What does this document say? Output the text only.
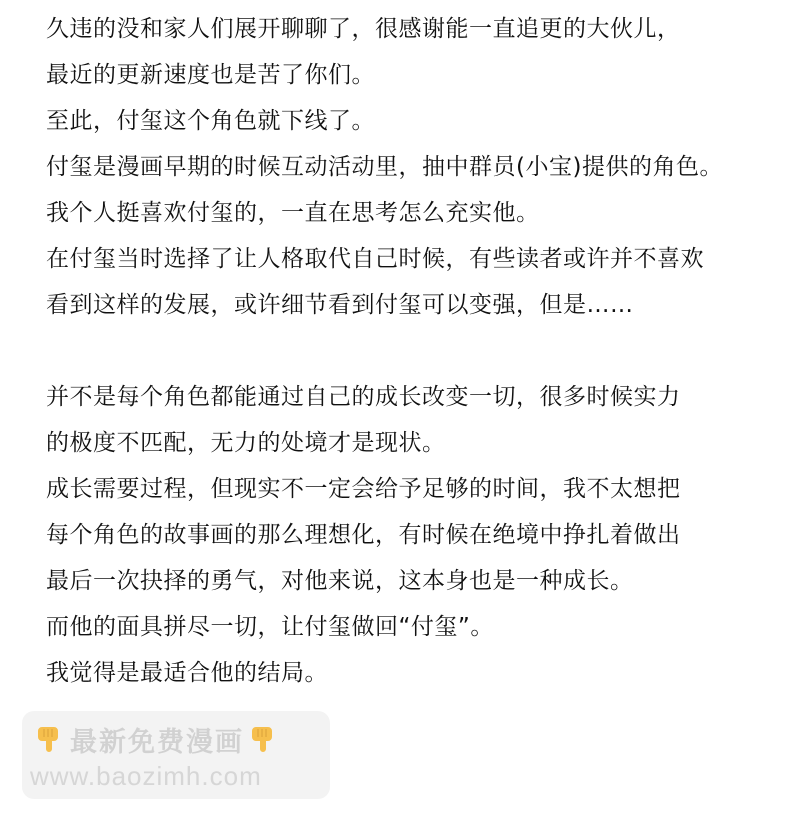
久违的没和家人们展开聊聊了，很感谢能一直追更的大伙儿，
最近的更新速度也是苦了你们。
至此，付玺这个角色就下线了。
付玺是漫画早期的时候互动活动里，抽中群员(小宝)提供的角色。
我个人挺喜欢付玺的，一直在思考怎么充实他。
在付玺当时选择了让人格取代自己时候，有些读者或许并不喜欢
看到这样的发展，或许细节看到付玺可以变强，但是……
并不是每个角色都能通过自己的成长改变一切，很多时候实力
的极度不匹配，无力的处境才是现状。
成长需要过程，但现实不一定会给予足够的时间，我不太想把
每个角色的故事画的那么理想化，有时候在绝境中挣扎着做出
最后一次抉择的勇气，对他来说，这本身也是一种成长。
而他的面具拼尽一切，让付玺做回“付玺”。
我觉得是最适合他的结局。
最新免费漫画
www.baozimh.com
